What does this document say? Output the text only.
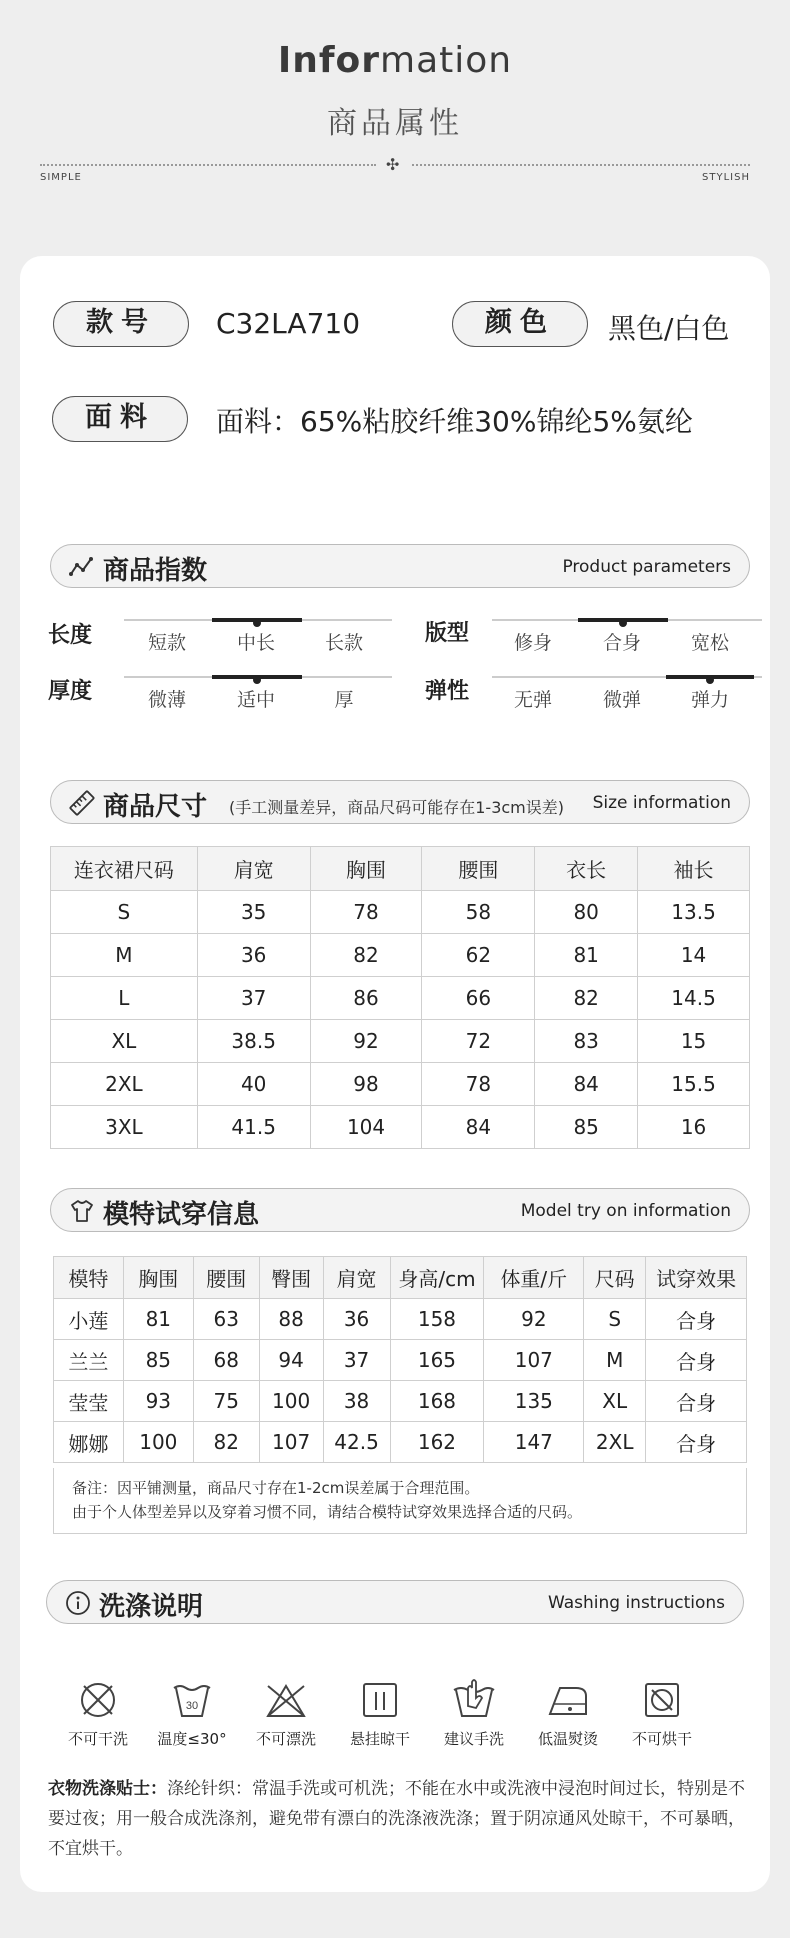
Information
商品属性
✣
SIMPLE	STYLISH
款号	C32LA710	颜色	黑色/白色
面料	面料：65%粘胶纤维30%锦纶5%氨纶
商品指数	Product parameters
长度	短款	中长	长款	版型	修身	合身	宽松
厚度	微薄	适中	厚	弹性	无弹	微弹	弹力
商品尺寸 (手工测量差异，商品尺码可能存在1-3cm误差) Size information
连衣裙尺码	肩宽	胸围	腰围	衣长	袖长
S	35	78	58	80	13.5
M	36	82	62	81	14
L	37	86	66	82	14.5
XL	38.5	92	72	83	15
2XL	40	98	78	84	15.5
3XL	41.5	104	84	85	16
模特试穿信息	Model try on information
模特	胸围	腰围	臀围	肩宽	身高/cm	体重/斤	尺码	试穿效果
小莲	81	63	88	36	158	92	S	合身
兰兰	85	68	94	37	165	107	M	合身
莹莹	93	75	100	38	168	135	XL	合身
娜娜	100	82	107	42.5	162	147	2XL	合身

备注：因平铺测量，商品尺寸存在1-2cm误差属于合理范围。

由于个人体型差异以及穿着习惯不同，请结合模特试穿效果选择合适的尺码。

洗涤说明	Washing instructions
不可干洗
30
温度≤30°	不可漂洗	悬挂晾干	建议手洗	低温熨烫	不可烘干
衣物洗涤贴士：涤纶针织：常温手洗或可机洗；不能在水中或洗液中浸泡时间过长，特别是不要过夜；用一般合成洗涤剂，避免带有漂白的洗涤液洗涤；置于阴凉通风处晾干，不可暴晒，不宜烘干。
